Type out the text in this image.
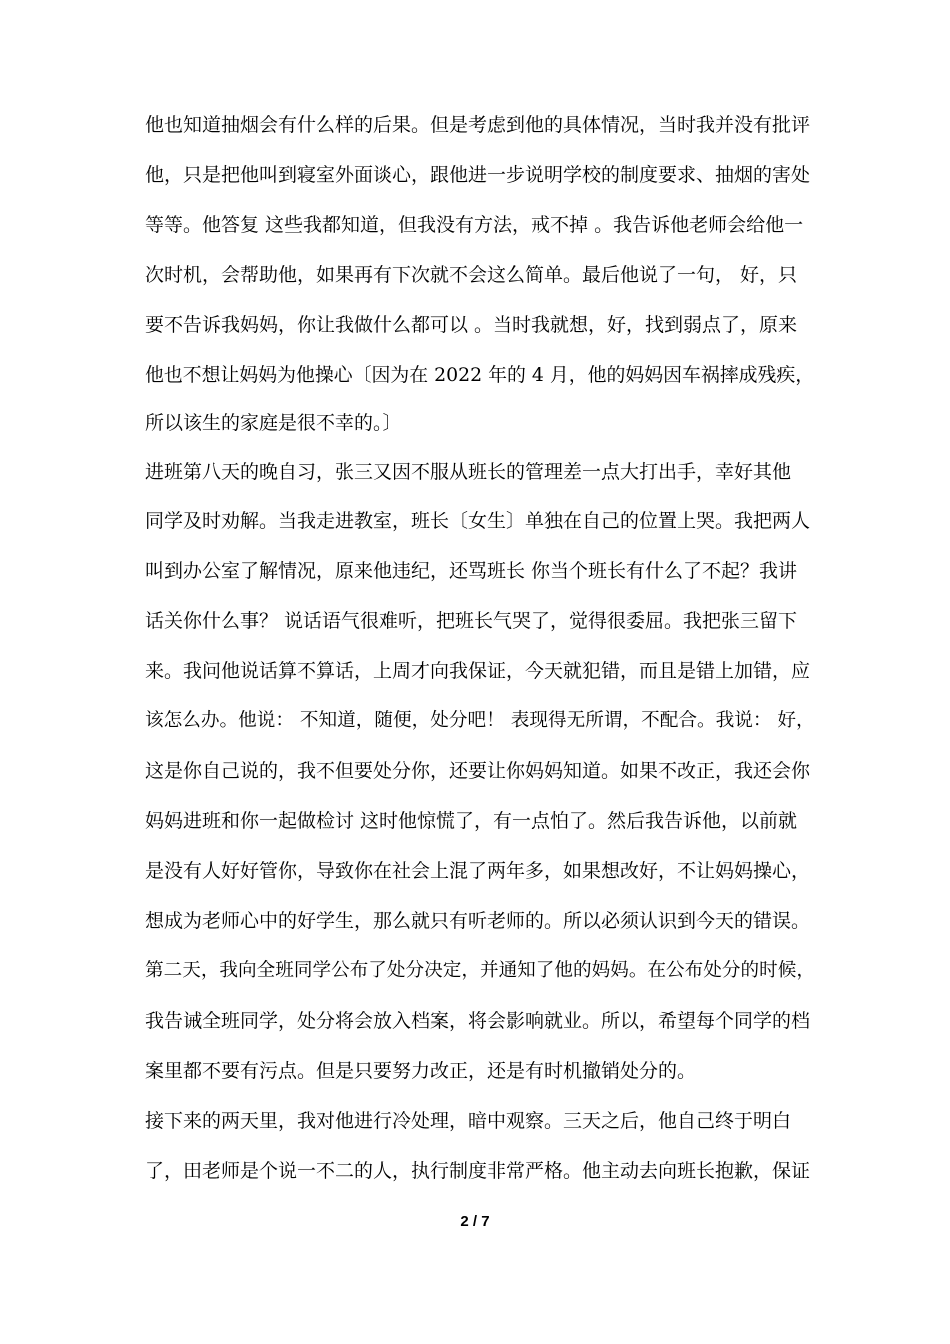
他也知道抽烟会有什么样的后果。但是考虑到他的具体情况，当时我并没有批评
他，只是把他叫到寝室外面谈心，跟他进一步说明学校的制度要求、抽烟的害处
等等。他答复 这些我都知道，但我没有方法，戒不掉 。我告诉他老师会给他一
次时机，会帮助他，如果再有下次就不会这么简单。最后他说了一句， 好，只
要不告诉我妈妈，你让我做什么都可以 。当时我就想，好，找到弱点了，原来
他也不想让妈妈为他操心〔因为在 2022 年的 4 月，他的妈妈因车祸摔成残疾，
所以该生的家庭是很不幸的。〕
进班第八天的晚自习，张三又因不服从班长的管理差一点大打出手，幸好其他
同学及时劝解。当我走进教室，班长〔女生〕单独在自己的位置上哭。我把两人
叫到办公室了解情况，原来他违纪，还骂班长 你当个班长有什么了不起？我讲
话关你什么事？ 说话语气很难听，把班长气哭了，觉得很委屈。我把张三留下
来。我问他说话算不算话，上周才向我保证，今天就犯错，而且是错上加错，应
该怎么办。他说： 不知道，随便，处分吧！ 表现得无所谓，不配合。我说： 好，
这是你自己说的，我不但要处分你，还要让你妈妈知道。如果不改正，我还会你
妈妈进班和你一起做检讨 这时他惊慌了，有一点怕了。然后我告诉他，以前就
是没有人好好管你，导致你在社会上混了两年多，如果想改好，不让妈妈操心，
想成为老师心中的好学生，那么就只有听老师的。所以必须认识到今天的错误。
第二天，我向全班同学公布了处分决定，并通知了他的妈妈。在公布处分的时候，
我告诫全班同学，处分将会放入档案，将会影响就业。所以，希望每个同学的档
案里都不要有污点。但是只要努力改正，还是有时机撤销处分的。
接下来的两天里，我对他进行冷处理，暗中观察。三天之后，他自己终于明白
了，田老师是个说一不二的人，执行制度非常严格。他主动去向班长抱歉，保证
2 / 7
